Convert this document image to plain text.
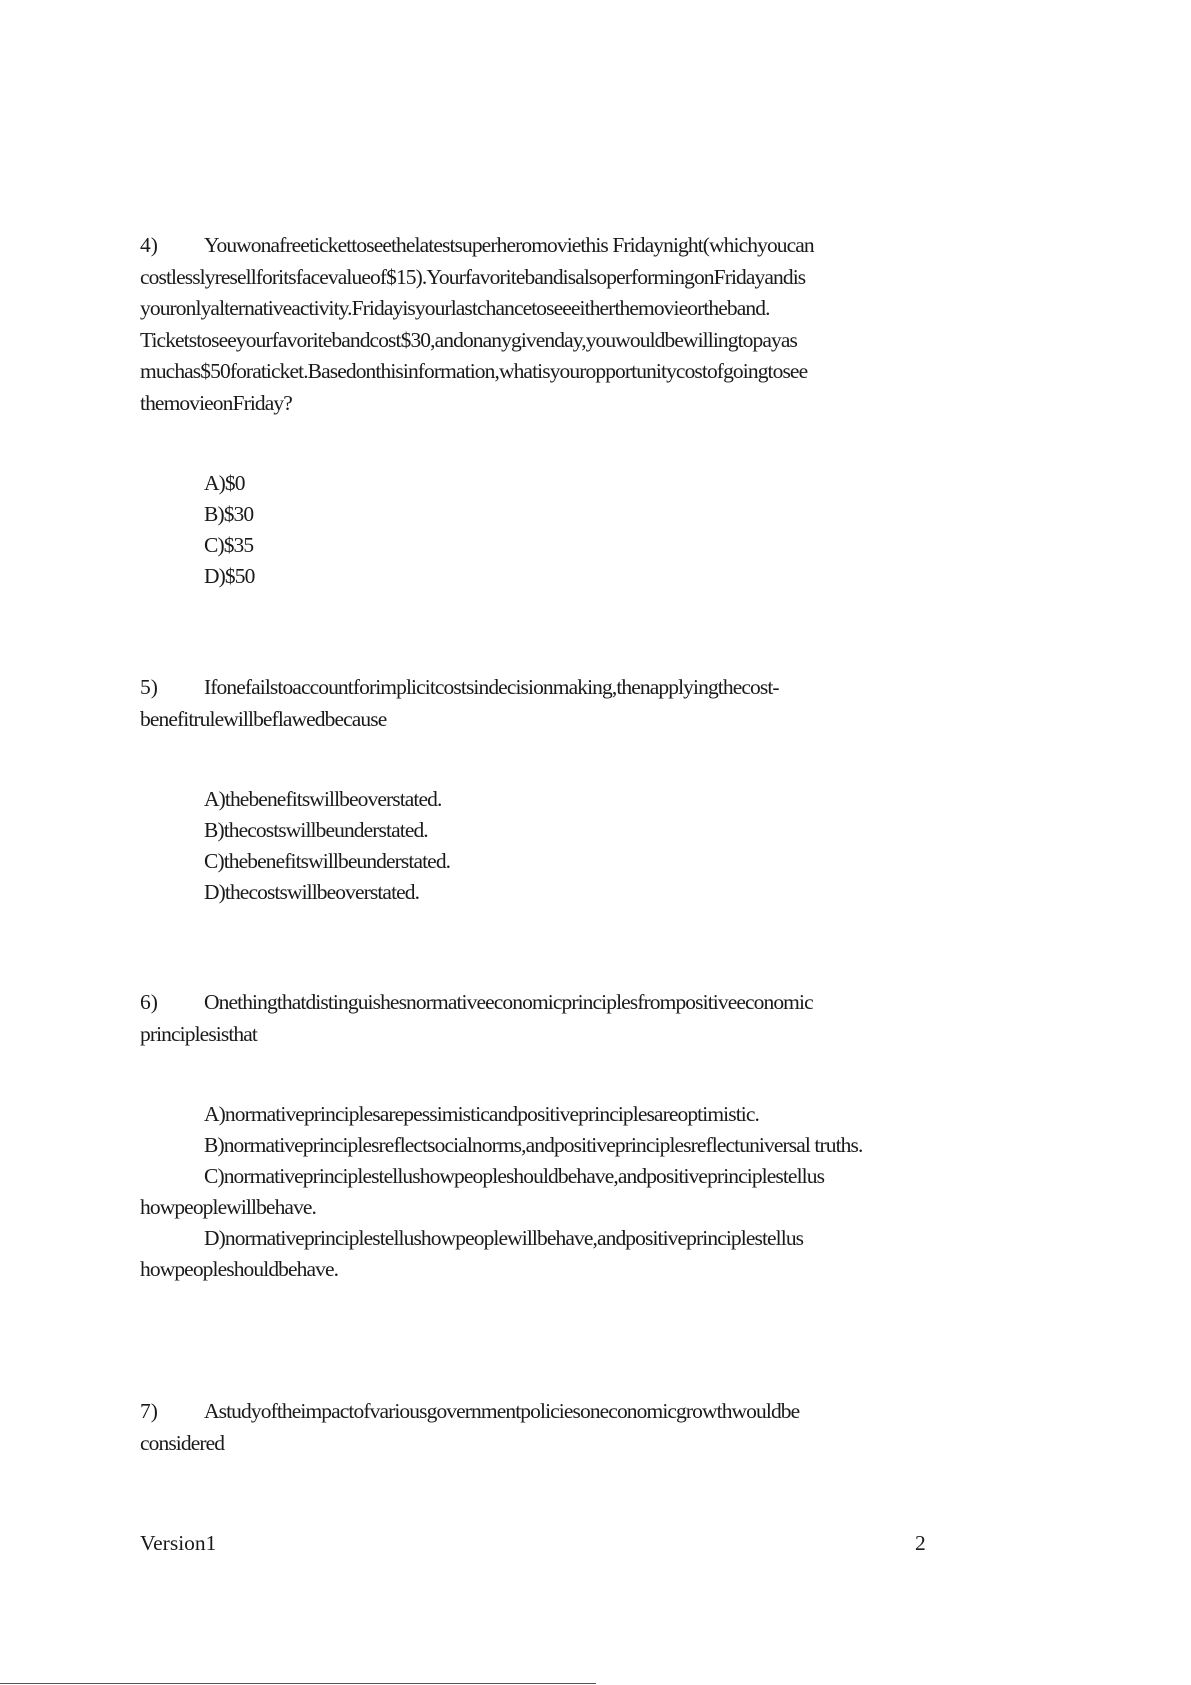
4) Youwonafreetickettoseethelatestsuperheromoviethis Fridaynight(whichyoucan
costlesslyresellforitsfacevalueof$15).YourfavoritebandisalsoperformingonFridayandis
youronlyalternativeactivity.Fridayisyourlastchancetoseeeitherthemovieortheband.
Ticketstoseeyourfavoritebandcost$30,andonanygivenday,youwouldbewillingtopayas
muchas$50foraticket.Basedonthisinformation,whatisyouropportunitycostofgoingtosee
themovieonFriday?
A)$0
B)$30
C)$35
D)$50
5) Ifonefailstoaccountforimplicitcostsindecisionmaking,thenapplyingthecost-
benefitrulewillbeflawedbecause
A)thebenefitswillbeoverstated.
B)thecostswillbeunderstated.
C)thebenefitswillbeunderstated.
D)thecostswillbeoverstated.
6) Onethingthatdistinguishesnormativeeconomicprinciplesfrompositiveeconomic
principlesisthat
A)normativeprinciplesarepessimisticandpositiveprinciplesareoptimistic.
B)normativeprinciplesreflectsocialnorms,andpositiveprinciplesreflectuniversal truths.
C)normativeprinciplestellushowpeopleshouldbehave,andpositiveprinciplestellus howpeoplewillbehave.
D)normativeprinciplestellushowpeoplewillbehave,andpositiveprinciplestellus howpeopleshouldbehave.
7) Astudyoftheimpactofvariousgovernmentpoliciesoneconomicgrowthwouldbe
considered
Version1	2
